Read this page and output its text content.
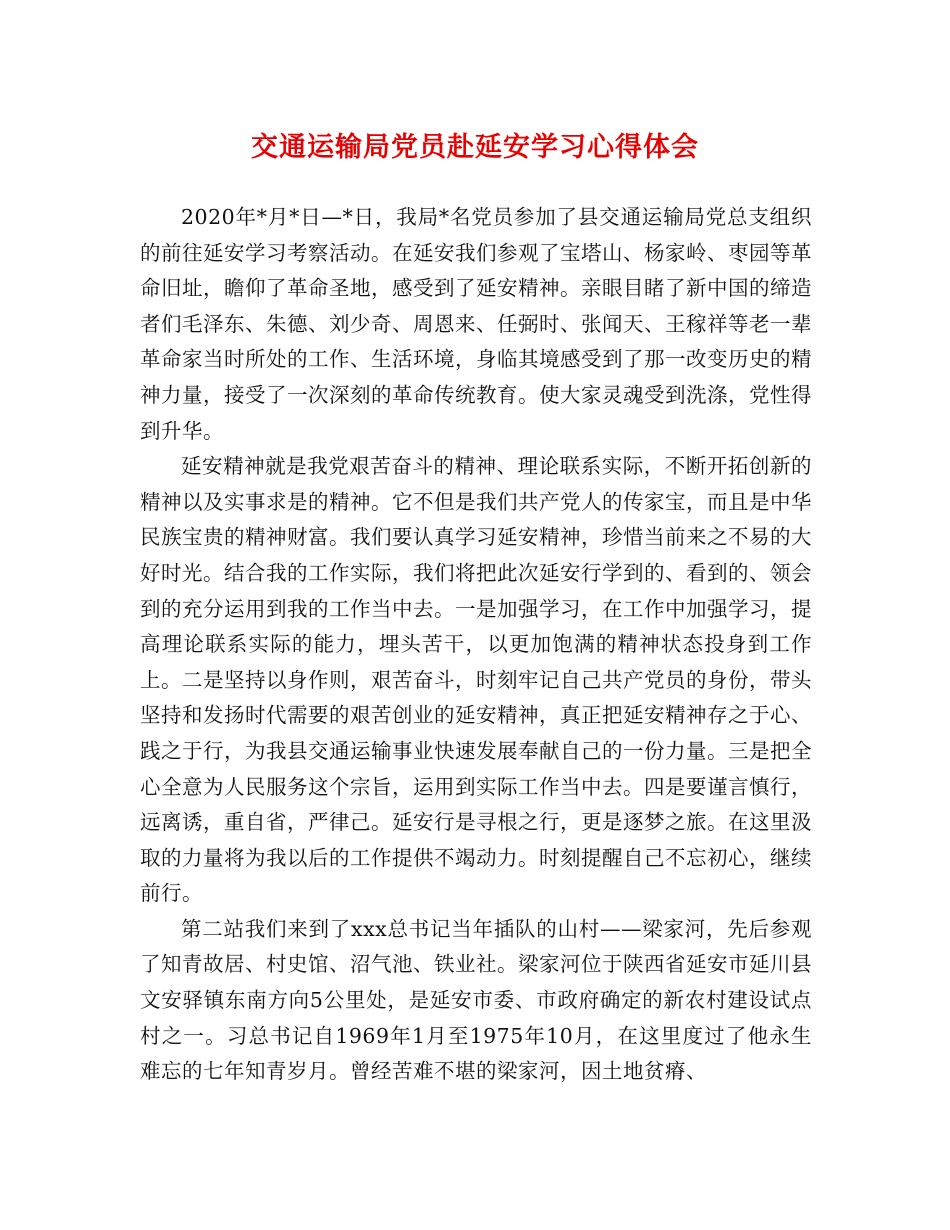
交通运输局党员赴延安学习心得体会

2020年*月*日—*日，我局*名党员参加了县交通运输局党总支组织的前往延安学习考察活动。在延安我们参观了宝塔山、杨家岭、枣园等革命旧址，瞻仰了革命圣地，感受到了延安精神。亲眼目睹了新中国的缔造者们毛泽东、朱德、刘少奇、周恩来、任弼时、张闻天、王稼祥等老一辈革命家当时所处的工作、生活环境，身临其境感受到了那一改变历史的精神力量，接受了一次深刻的革命传统教育。使大家灵魂受到洗涤，党性得到升华。

延安精神就是我党艰苦奋斗的精神、理论联系实际，不断开拓创新的精神以及实事求是的精神。它不但是我们共产党人的传家宝，而且是中华民族宝贵的精神财富。我们要认真学习延安精神，珍惜当前来之不易的大好时光。结合我的工作实际，我们将把此次延安行学到的、看到的、领会到的充分运用到我的工作当中去。一是加强学习，在工作中加强学习，提高理论联系实际的能力，埋头苦干，以更加饱满的精神状态投身到工作上。二是坚持以身作则，艰苦奋斗，时刻牢记自己共产党员的身份，带头坚持和发扬时代需要的艰苦创业的延安精神，真正把延安精神存之于心、践之于行，为我县交通运输事业快速发展奉献自己的一份力量。三是把全心全意为人民服务这个宗旨，运用到实际工作当中去。四是要谨言慎行，远离诱，重自省，严律己。延安行是寻根之行，更是逐梦之旅。在这里汲取的力量将为我以后的工作提供不竭动力。时刻提醒自己不忘初心，继续前行。

第二站我们来到了xxx总书记当年插队的山村——梁家河，先后参观了知青故居、村史馆、沼气池、铁业社。梁家河位于陕西省延安市延川县文安驿镇东南方向5公里处，是延安市委、市政府确定的新农村建设试点村之一。习总书记自1969年1月至1975年10月，在这里度过了他永生难忘的七年知青岁月。曾经苦难不堪的梁家河，因土地贫瘠、
